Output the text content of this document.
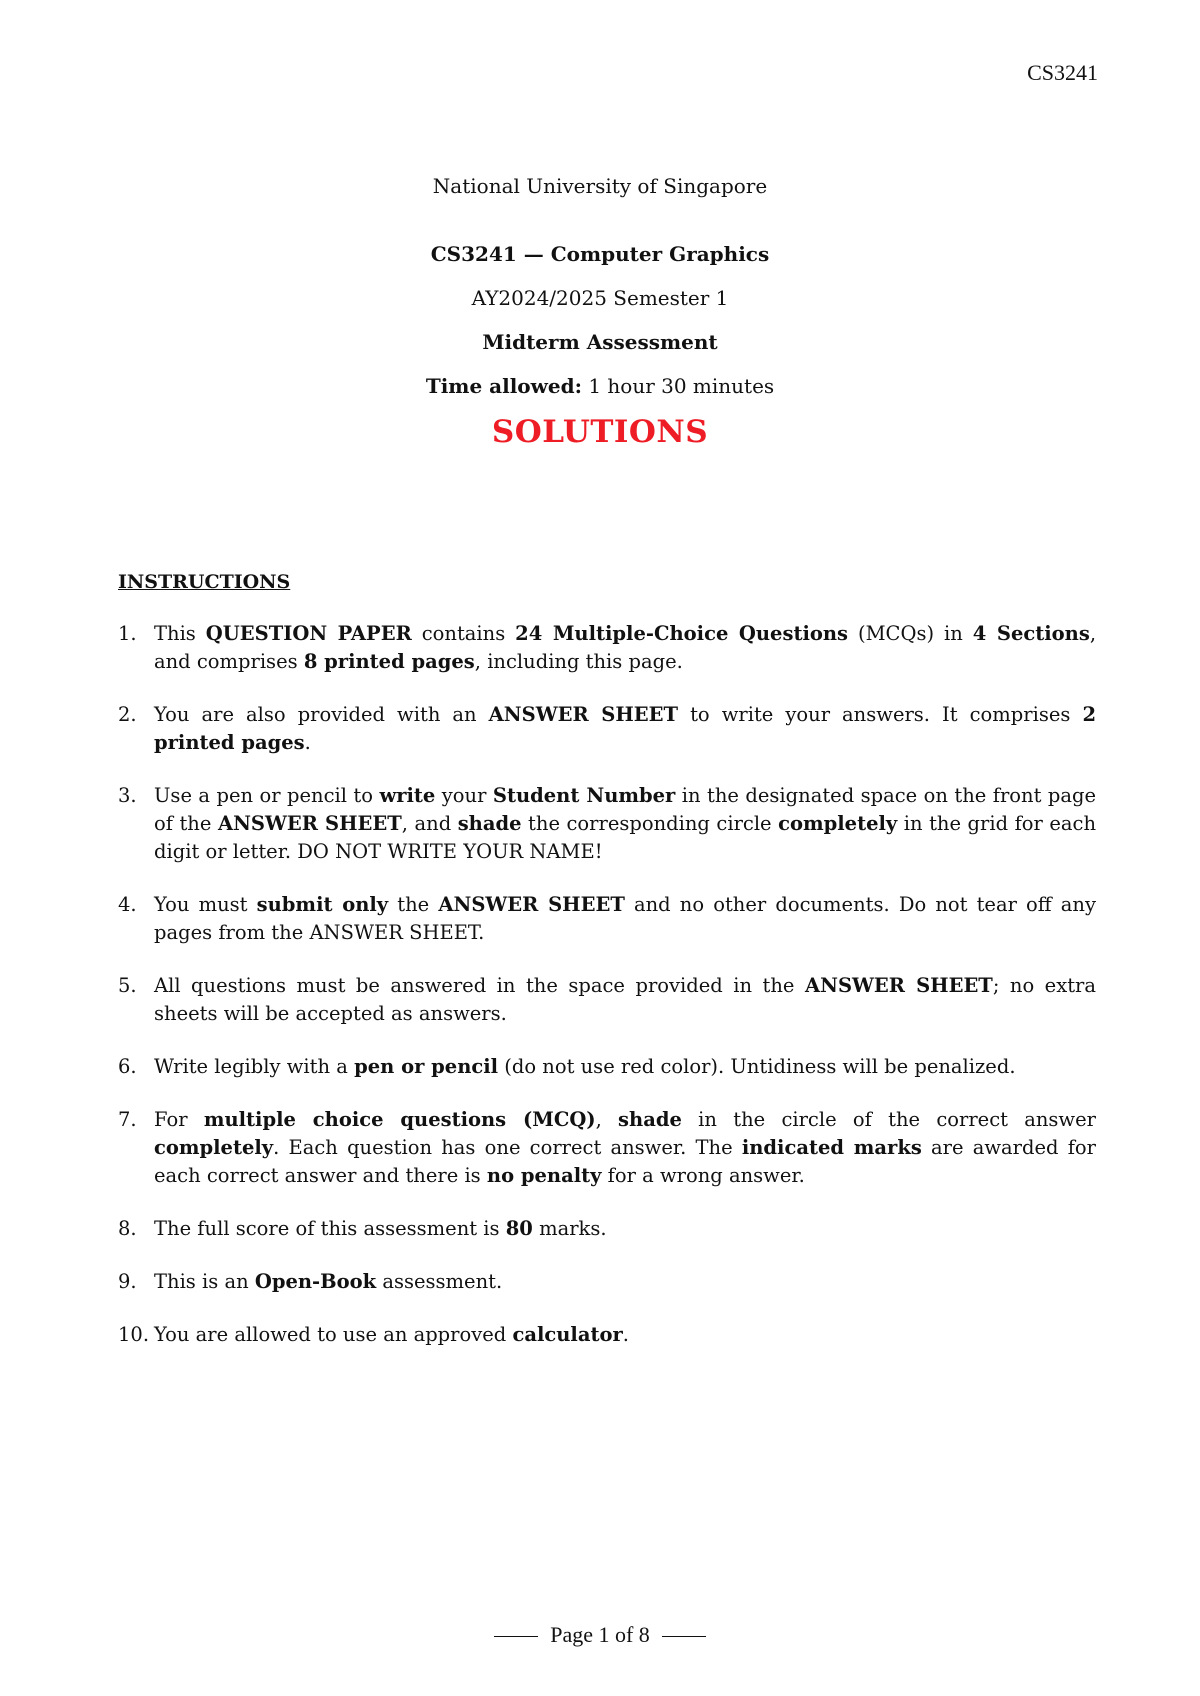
CS3241
National University of Singapore
CS3241 — Computer Graphics
AY2024/2025 Semester 1
Midterm Assessment
Time allowed: 1 hour 30 minutes
SOLUTIONS
INSTRUCTIONS
1. This QUESTION PAPER contains 24 Multiple-Choice Questions (MCQs) in 4 Sections, and comprises 8 printed pages, including this page.
2. You are also provided with an ANSWER SHEET to write your answers. It comprises 2 printed pages.
3. Use a pen or pencil to write your Student Number in the designated space on the front page of the ANSWER SHEET, and shade the corresponding circle completely in the grid for each digit or letter. DO NOT WRITE YOUR NAME!
4. You must submit only the ANSWER SHEET and no other documents. Do not tear off any pages from the ANSWER SHEET.
5. All questions must be answered in the space provided in the ANSWER SHEET; no extra sheets will be accepted as answers.
6. Write legibly with a pen or pencil (do not use red color). Untidiness will be penalized.
7. For multiple choice questions (MCQ), shade in the circle of the correct answer completely. Each question has one correct answer. The indicated marks are awarded for each correct answer and there is no penalty for a wrong answer.
8. The full score of this assessment is 80 marks.
9. This is an Open-Book assessment.
10. You are allowed to use an approved calculator.
Page 1 of 8
